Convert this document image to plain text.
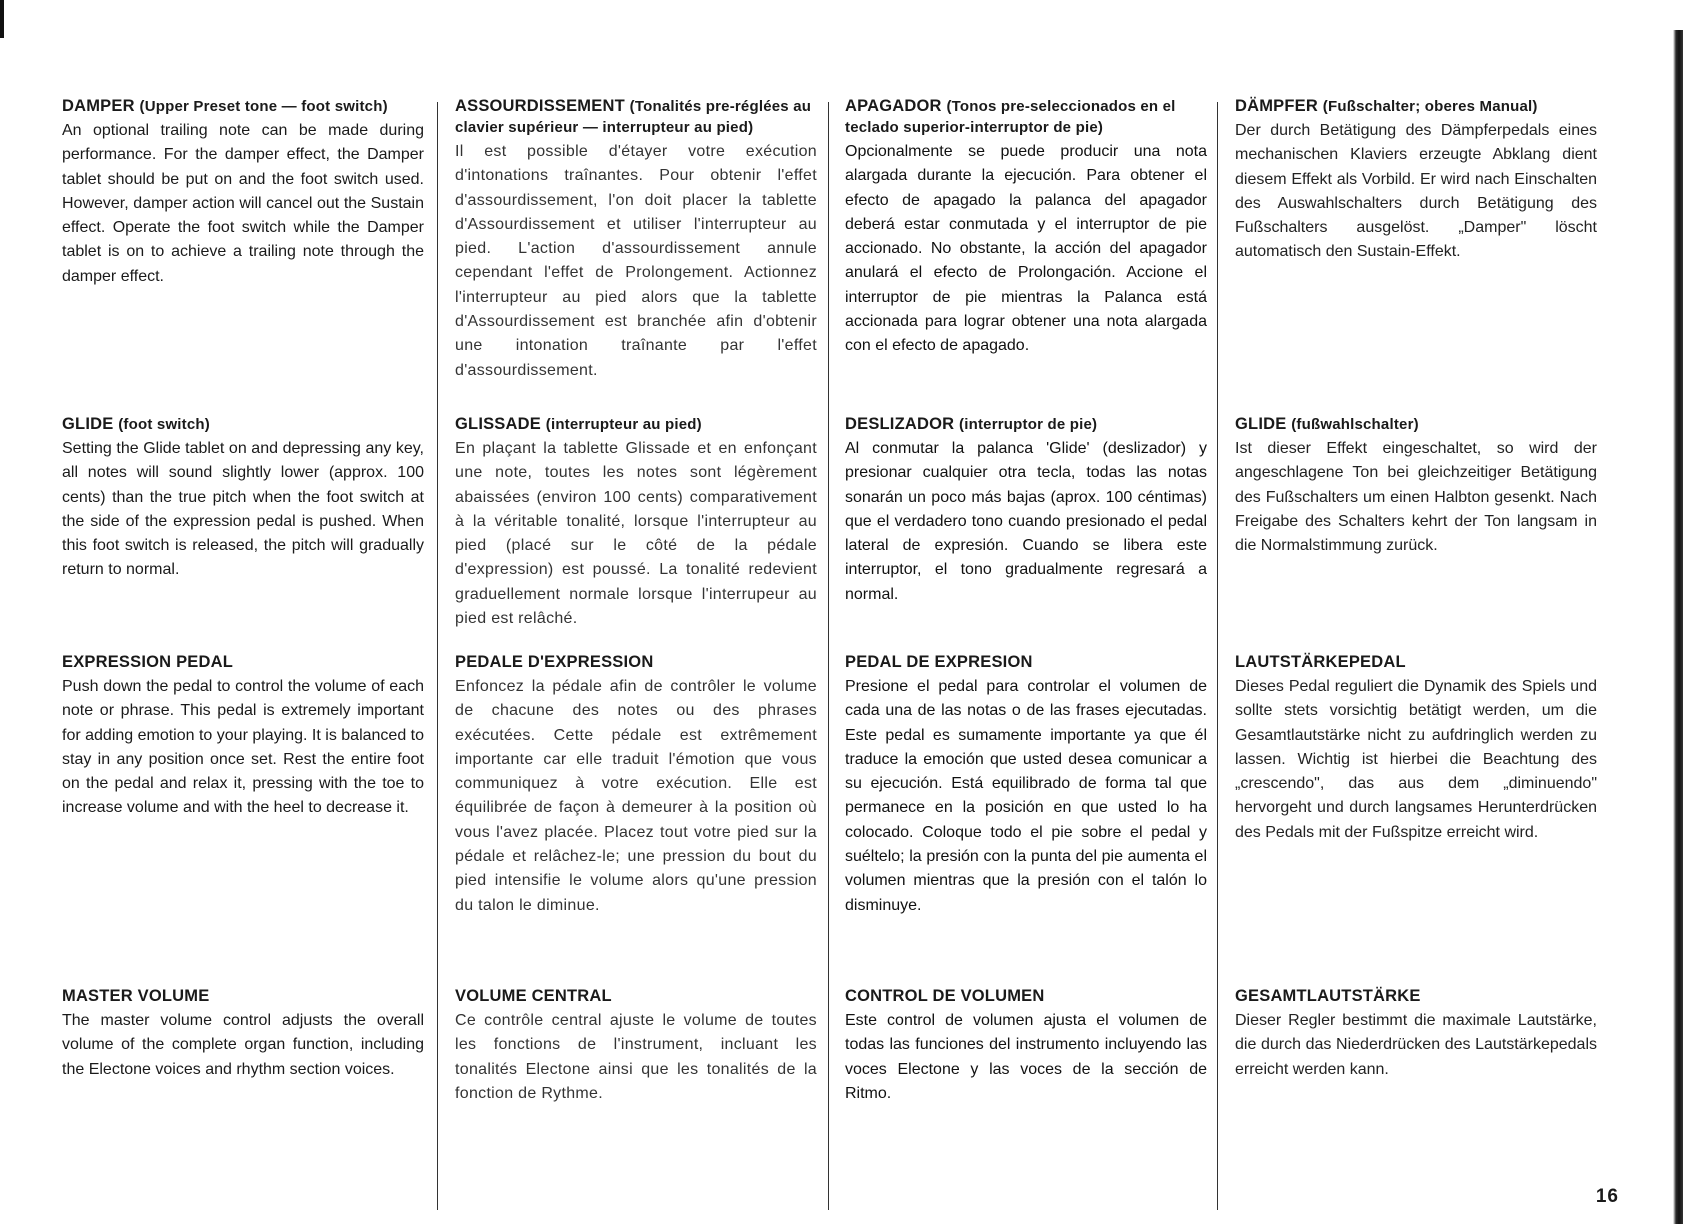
DAMPER (Upper Preset tone — foot switch)

An optional trailing note can be made during performance. For the damper effect, the Damper tablet should be put on and the foot switch used. However, damper action will cancel out the Sustain effect. Operate the foot switch while the Damper tablet is on to achieve a trailing note through the damper effect.

GLIDE (foot switch)

Setting the Glide tablet on and depressing any key, all notes will sound slightly lower (approx. 100 cents) than the true pitch when the foot switch at the side of the expression pedal is pushed. When this foot switch is released, the pitch will gradually return to normal.

EXPRESSION PEDAL

Push down the pedal to control the volume of each note or phrase. This pedal is extremely important for adding emotion to your playing. It is balanced to stay in any position once set. Rest the entire foot on the pedal and relax it, pressing with the toe to increase volume and with the heel to decrease it.

MASTER VOLUME

The master volume control adjusts the overall volume of the complete organ function, including the Electone voices and rhythm section voices.

ASSOURDISSEMENT (Tonalités pre-réglées au clavier supérieur — interrupteur au pied)

Il est possible d'étayer votre exécution d'intonations traînantes. Pour obtenir l'effet d'assourdissement, l'on doit placer la tablette d'Assourdissement et utiliser l'interrupteur au pied. L'action d'assourdissement annule cependant l'effet de Prolongement. Actionnez l'interrupteur au pied alors que la tablette d'Assourdissement est branchée afin d'obtenir une intonation traînante par l'effet d'assourdissement.

GLISSADE (interrupteur au pied)

En plaçant la tablette Glissade et en enfonçant une note, toutes les notes sont légèrement abaissées (environ 100 cents) comparativement à la véritable tonalité, lorsque l'interrupteur au pied (placé sur le côté de la pédale d'expression) est poussé. La tonalité redevient graduellement normale lorsque l'interrupeur au pied est relâché.

PEDALE D'EXPRESSION

Enfoncez la pédale afin de contrôler le volume de chacune des notes ou des phrases exécutées. Cette pédale est extrêmement importante car elle traduit l'émotion que vous communiquez à votre exécution. Elle est équilibrée de façon à demeurer à la position où vous l'avez placée. Placez tout votre pied sur la pédale et relâchez-le; une pression du bout du pied intensifie le volume alors qu'une pression du talon le diminue.

VOLUME CENTRAL

Ce contrôle central ajuste le volume de toutes les fonctions de l'instrument, incluant les tonalités Electone ainsi que les tonalités de la fonction de Rythme.

APAGADOR (Tonos pre-seleccionados en el teclado superior-interruptor de pie)

Opcionalmente se puede producir una nota alargada durante la ejecución. Para obtener el efecto de apagado la palanca del apagador deberá estar conmutada y el interruptor de pie accionado. No obstante, la acción del apagador anulará el efecto de Prolongación. Accione el interruptor de pie mientras la Palanca está accionada para lograr obtener una nota alargada con el efecto de apagado.

DESLIZADOR (interruptor de pie)

Al conmutar la palanca 'Glide' (deslizador) y presionar cualquier otra tecla, todas las notas sonarán un poco más bajas (aprox. 100 céntimas) que el verdadero tono cuando presionado el pedal lateral de expresión. Cuando se libera este interruptor, el tono gradualmente regresará a normal.

PEDAL DE EXPRESION

Presione el pedal para controlar el volumen de cada una de las notas o de las frases ejecutadas. Este pedal es sumamente importante ya que él traduce la emoción que usted desea comunicar a su ejecución. Está equilibrado de forma tal que permanece en la posición en que usted lo ha colocado. Coloque todo el pie sobre el pedal y suéltelo; la presión con la punta del pie aumenta el volumen mientras que la presión con el talón lo disminuye.

CONTROL DE VOLUMEN

Este control de volumen ajusta el volumen de todas las funciones del instrumento incluyendo las voces Electone y las voces de la sección de Ritmo.

DÄMPFER (Fußschalter; oberes Manual)

Der durch Betätigung des Dämpferpedals eines mechanischen Klaviers erzeugte Abklang dient diesem Effekt als Vorbild. Er wird nach Einschalten des Auswahlschalters durch Betätigung des Fußschalters ausgelöst. „Damper" löscht automatisch den Sustain-Effekt.

GLIDE (fußwahlschalter)

Ist dieser Effekt eingeschaltet, so wird der angeschlagene Ton bei gleichzeitiger Betätigung des Fußschalters um einen Halbton gesenkt. Nach Freigabe des Schalters kehrt der Ton langsam in die Normalstimmung zurück.

LAUTSTÄRKEPEDAL

Dieses Pedal reguliert die Dynamik des Spiels und sollte stets vorsichtig betätigt werden, um die Gesamtlautstärke nicht zu aufdringlich werden zu lassen. Wichtig ist hierbei die Beachtung des „crescendo", das aus dem „diminuendo" hervorgeht und durch langsames Herunterdrücken des Pedals mit der Fußspitze erreicht wird.

GESAMTLAUTSTÄRKE

Dieser Regler bestimmt die maximale Lautstärke, die durch das Niederdrücken des Lautstärkepedals erreicht werden kann.

16
